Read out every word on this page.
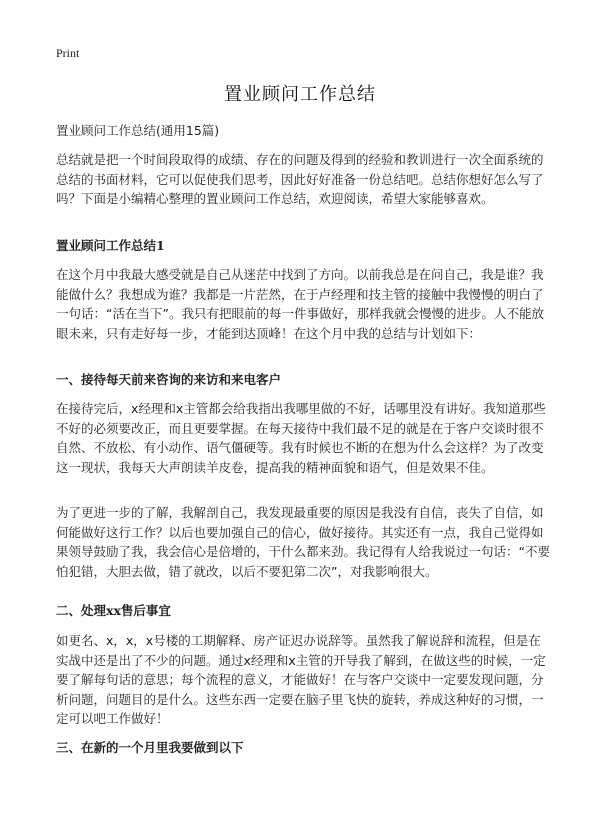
Print
置业顾问工作总结

置业顾问工作总结(通用15篇)

总结就是把一个时间段取得的成绩、存在的问题及得到的经验和教训进行一次全面系统的总结的书面材料，它可以促使我们思考，因此好好准备一份总结吧。总结你想好怎么写了吗？下面是小编精心整理的置业顾问工作总结，欢迎阅读，希望大家能够喜欢。

置业顾问工作总结1

在这个月中我最大感受就是自己从迷茫中找到了方向。以前我总是在问自己，我是谁？我能做什么？我想成为谁？我都是一片茫然，在于卢经理和技主管的接触中我慢慢的明白了一句话：“活在当下”。我只有把眼前的每一件事做好，那样我就会慢慢的进步。人不能放眼未来，只有走好每一步，才能到达顶峰！在这个月中我的总结与计划如下：

一、接待每天前来咨询的来访和来电客户

在接待完后，x经理和x主管都会给我指出我哪里做的不好，话哪里没有讲好。我知道那些不好的必须要改正，而且更要掌握。在每天接待中我们最不足的就是在于客户交谈时很不自然、不放松、有小动作、语气僵硬等。我有时候也不断的在想为什么会这样？为了改变这一现状，我每天大声朗读羊皮卷，提高我的精神面貌和语气，但是效果不佳。

为了更进一步的了解，我解剖自己，我发现最重要的原因是我没有自信，丧失了自信，如何能做好这行工作？以后也要加强自己的信心，做好接待。其实还有一点，我自己觉得如果领导鼓励了我，我会信心是倍增的，干什么都来劲。我记得有人给我说过一句话：“不要怕犯错，大胆去做，错了就改，以后不要犯第二次”，对我影响很大。

二、处理xx售后事宜

如更名、x，x，x号楼的工期解释、房产证迟办说辞等。虽然我了解说辞和流程，但是在实战中还是出了不少的问题。通过x经理和x主管的开导我了解到，在做这些的时候，一定要了解每句话的意思；每个流程的意义，才能做好！在与客户交谈中一定要发现问题，分析问题，问题目的是什么。这些东西一定要在脑子里飞快的旋转，养成这种好的习惯，一定可以吧工作做好！

三、在新的一个月里我要做到以下
